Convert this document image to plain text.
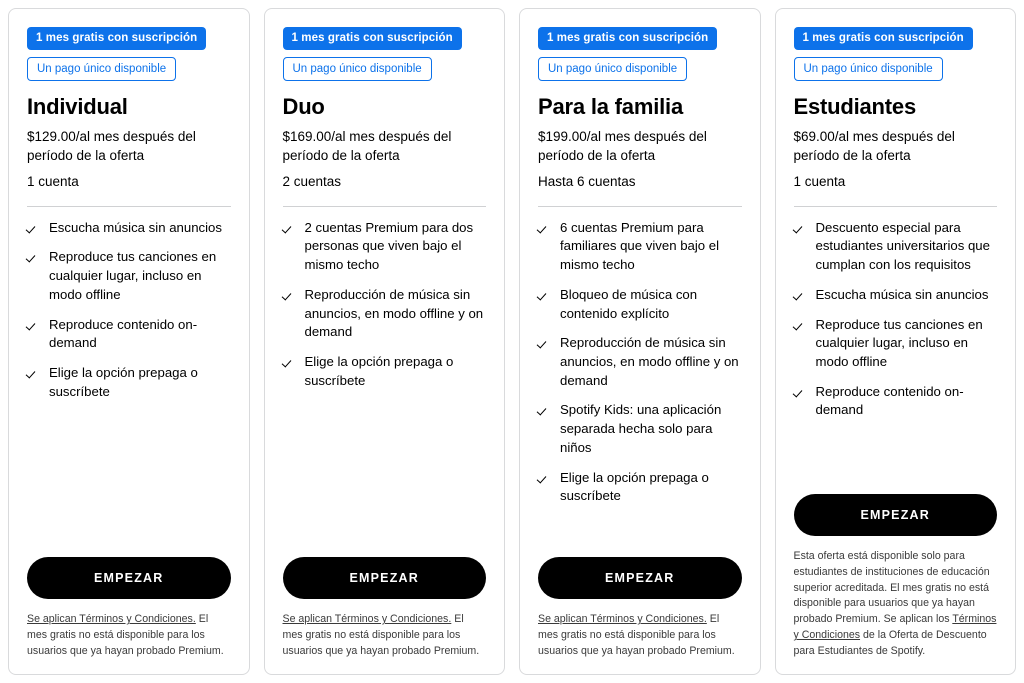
1 mes gratis con suscripción
Un pago único disponible
Individual
$129.00/al mes después del período de la oferta
1 cuenta
Escucha música sin anuncios
Reproduce tus canciones en cualquier lugar, incluso en modo offline
Reproduce contenido on-demand
Elige la opción prepaga o suscríbete
EMPEZAR
Se aplican Términos y Condiciones. El mes gratis no está disponible para los usuarios que ya hayan probado Premium.
1 mes gratis con suscripción
Un pago único disponible
Duo
$169.00/al mes después del período de la oferta
2 cuentas
2 cuentas Premium para dos personas que viven bajo el mismo techo
Reproducción de música sin anuncios, en modo offline y on demand
Elige la opción prepaga o suscríbete
EMPEZAR
Se aplican Términos y Condiciones. El mes gratis no está disponible para los usuarios que ya hayan probado Premium.
1 mes gratis con suscripción
Un pago único disponible
Para la familia
$199.00/al mes después del período de la oferta
Hasta 6 cuentas
6 cuentas Premium para familiares que viven bajo el mismo techo
Bloqueo de música con contenido explícito
Reproducción de música sin anuncios, en modo offline y on demand
Spotify Kids: una aplicación separada hecha solo para niños
Elige la opción prepaga o suscríbete
EMPEZAR
Se aplican Términos y Condiciones. El mes gratis no está disponible para los usuarios que ya hayan probado Premium.
1 mes gratis con suscripción
Un pago único disponible
Estudiantes
$69.00/al mes después del período de la oferta
1 cuenta
Descuento especial para estudiantes universitarios que cumplan con los requisitos
Escucha música sin anuncios
Reproduce tus canciones en cualquier lugar, incluso en modo offline
Reproduce contenido on-demand
EMPEZAR
Esta oferta está disponible solo para estudiantes de instituciones de educación superior acreditada. El mes gratis no está disponible para usuarios que ya hayan probado Premium. Se aplican los Términos y Condiciones de la Oferta de Descuento para Estudiantes de Spotify.
